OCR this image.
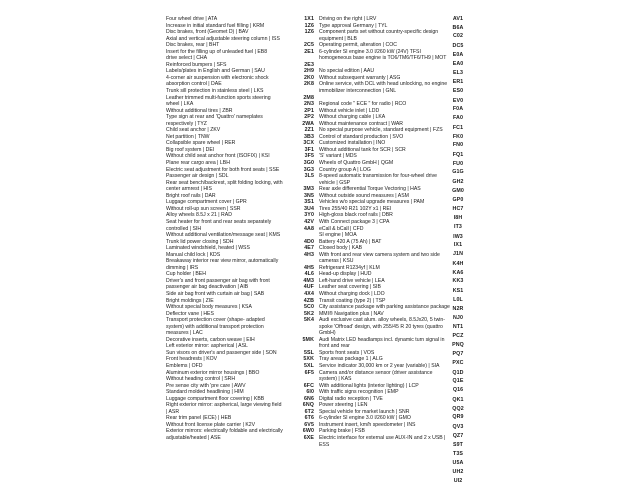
Four wheel drive | ATA
Increase in initial standard fuel filling | KRM
Disc brakes, front (Geomet D) | BAV
Axial and vertical adjustable steering column | ISS
Disc brakes, rear | BHT
Insert for the filling up of unleaded fuel | EB8
drive select | CHA
Reinforced bumpers | SFS
Labels/plates in English and German | SAU
4-corner air suspension with electronic shock absorption control | DAE
Trunk sill protection in stainless steel | LKS
Leather trimmed multi-function sports steering wheel | LKA
Without additional tires | ZBR
Type sign at rear and 'Quattro' nameplates respectively | TYZ
Child seat anchor | ZKV
Net partition | TNW
Collapsible spare wheel | RER
Big roof system | DEI
Without child seat anchor front (ISOFIX) | KSI
Plane rear cargo area | LBH
Electric seat adjustment for both front seats | SSE
Passenger air design | SDL
Rear seat bench/backrest, split folding locking, with center armrest | HIS
Bright roof rails | DAR
Luggage compartment cover | GPR
Without roll-up sun screen | SSR
Alloy wheels 8.5J x 21 | RAD
Seat heater for front and rear seats separately controlled | SIH
Without additional ventilation/message seat | KMS
Trunk lid power closing | SDH
Laminated windshield, heated | WSS
Manual child lock | KDS
Breakaway interior rear view mirror, automatically dimming | IRS
Cup holder | BEH
Driver's and front passenger air bag with front passenger air bag deactivation | AIB
Side air bag front with curtain air bag | SAB
Bright moldings | ZIE
Without special body measures | KSA
Deflector vane | HES
Transport protection cover (shape- adapted system) with additional transport protection measures | LAC
Decorative inserts, carbon weave | EIH
Left exterior mirror: aspherical | ASL
Sun visors on driver's and passenger side | SON
Front headrests | KOV
Emblems | OFD
Aluminum exterior mirror housings | BBO
Without heading control | SRH
Pre sense city with 'pre care | AWV
Standard molded headlining | HIM
Luggage compartment floor covering | KBB
Right exterior mirror: aspherical, large viewing field | ASR
Rear trim panel (ECE) | HEB
Without front license plate carrier | K2V
Exterior mirrors: electrically foldable and electrically adjustable/heated | ASE
1X1 Driving on the right | LRV
1Z6 Type approval Germany | TYL
1Z6 Component parts set without country-specific design equipment | BLB
2C5 Operating permit, alteration | COC
2E1 6-cylinder SI engine 3.0 l/260 kW (24V) TFSI homogeneous base engine is TO6/TM6/TF6/TH9 | MOT
2E3
2H9 No special edition | AAU
2K0 Without subsequent warranty | ASG
2K8 Online service, with DCL with head unlocking, no engine immobilizer interconnection | GNL
2M8
2N3 Regional code " ECE " for radio | RCO
2P1 Without vehicle inlet | LDD
2P2 Without charging cable | LKA
2WA Without maintenance contract | WAR
2Z1 No special purpose vehicle, standard equipment | FZS
3B3 Control of standard production | SVO
3CX Customized installation | INO
3F1 Without additional tank for SCR | SCR
3F5 'S' variant | MDS
3G0 Wheels of Quattro GmbH | QGM
3G3 Country group A | LOG
3L5 8-speed automatic transmission for four-wheel drive vehicle | GSP
3M3 Rear axle differential Torque Vectoring | HAS
3N5 Without outside sound measures | ASM
3S1 Vehicles w/o special upgrade measures | PAM
3U4 Tires 255/40 R21 102Y x1 | REI
3Y0 High-gloss black roof rails | DBR
42V With Connect package 3 | CPA
4A8 eCall & bCall | CFD
SI engine | MOA
4D0 Battery 420 A (75 Ah) | BAT
4E7 Closed body | KAB
4H3 With front and rear view camera system and two side cameras | KSU
4H5 Refrigerant R1234yf | KLM
4L6 Head-up display | HUD
4M3 Left-hand drive vehicle | LEA
4UF Leather seat covering | SIB
4X4 Without charging dock | LDO
4ZB Transit coating (type 2) | TSP
5C0 City assistance package with parking assistance package
5K2 MMI® Navigation plus | NAV
5K4 Audi exclusive cast alum. alloy wheels, 8.5Jx20, 5 twin-spoke 'Offroad' design, with 255/45 R 20 tyres (quattro GmbH)
5MK Audi Matrix LED headlamps incl. dynamic turn signal in front and rear
5SL Sports front seats | VOS
5XK Tray areas package 1 | ALG
5XL Service indicator 30,000 km or 2 year (variable) | SIA
6F5 Camera and/or distance sensor (driver assistance system) | KAS
6FC With additional lights (interior lighting) | LCP
6I0 With traffic signs recognition | EMP
6N6 Digital radio reception | TVE
6NQ Power steering | LEN
6T2 Special vehicle for market launch | SNR
6T6 6-cylinder SI engine 3.0 l/260 kW | GMO
6V5 Instrument insert, km/h speedometer | INS
6W0 Parking brake | FSB
6XE Electric interface for external use AUX-IN and 2 x USB | ESS
AV1
B6A
C02
DC5
E0A
EA0
EL3
ER1
ES0
EV0
F0A
FA0
FC1
FK0
FN0
FQ1
FU0
G1G
GH2
GM0
GP0
HC7
I8H
IT3
IW3
IX1
J1N
K4H
KA6
KK3
KS1
L0L
N2R
NJ0
NT1
PCZ
PNQ
PQ7
PXC
Q1D
Q1E
Q16
QK1
QQ2
QR9
QV3
QZ7
S9T
T3S
U5A
UH2
UI2
